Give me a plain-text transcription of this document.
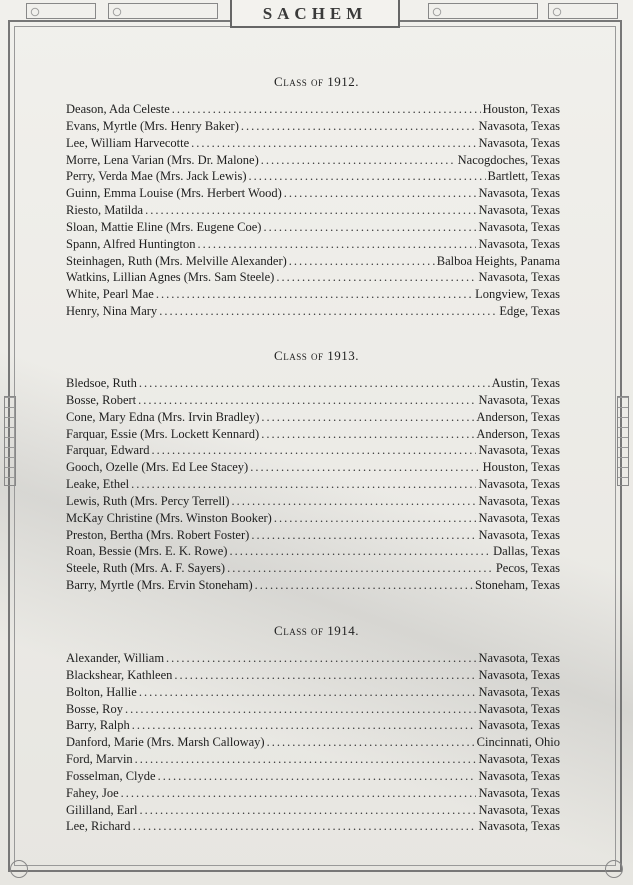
SACHEM
Class of 1912.
Deason, Ada Celeste .....	Houston, Texas
Evans, Myrtle (Mrs. Henry Baker) .....	Navasota, Texas
Lee, William Harvecotte .....	Navasota, Texas
Morre, Lena Varian (Mrs. Dr. Malone) .....	Nacogdoches, Texas
Perry, Verda Mae (Mrs. Jack Lewis) .....	Bartlett, Texas
Guinn, Emma Louise (Mrs. Herbert Wood) .....	Navasota, Texas
Riesto, Matilda .....	Navasota, Texas
Sloan, Mattie Eline (Mrs. Eugene Coe) .....	Navasota, Texas
Spann, Alfred Huntington .....	Navasota, Texas
Steinhagen, Ruth (Mrs. Melville Alexander) .....	Balboa Heights, Panama
Watkins, Lillian Agnes (Mrs. Sam Steele) .....	Navasota, Texas
White, Pearl Mae .....	Longview, Texas
Henry, Nina Mary .....	Edge, Texas
Class of 1913.
Bledsoe, Ruth .....	Austin, Texas
Bosse, Robert .....	Navasota, Texas
Cone, Mary Edna (Mrs. Irvin Bradley) .....	Anderson, Texas
Farquar, Essie (Mrs. Lockett Kennard) .....	Anderson, Texas
Farquar, Edward .....	Navasota, Texas
Gooch, Ozelle (Mrs. Ed Lee Stacey) .....	Houston, Texas
Leake, Ethel .....	Navasota, Texas
Lewis, Ruth (Mrs. Percy Terrell) .....	Navasota, Texas
McKay Christine (Mrs. Winston Booker) .....	Navasota, Texas
Preston, Bertha (Mrs. Robert Foster) .....	Navasota, Texas
Roan, Bessie (Mrs. E. K. Rowe) .....	Dallas, Texas
Steele, Ruth (Mrs. A. F. Sayers) .....	Pecos, Texas
Barry, Myrtle (Mrs. Ervin Stoneham) .....	Stoneham, Texas
Class of 1914.
Alexander, William .....	Navasota, Texas
Blackshear, Kathleen .....	Navasota, Texas
Bolton, Hallie .....	Navasota, Texas
Bosse, Roy .....	Navasota, Texas
Barry, Ralph .....	Navasota, Texas
Danford, Marie (Mrs. Marsh Calloway) .....	Cincinnati, Ohio
Ford, Marvin .....	Navasota, Texas
Fosselman, Clyde .....	Navasota, Texas
Fahey, Joe .....	Navasota, Texas
Gililland, Earl .....	Navasota, Texas
Lee, Richard .....	Navasota, Texas
